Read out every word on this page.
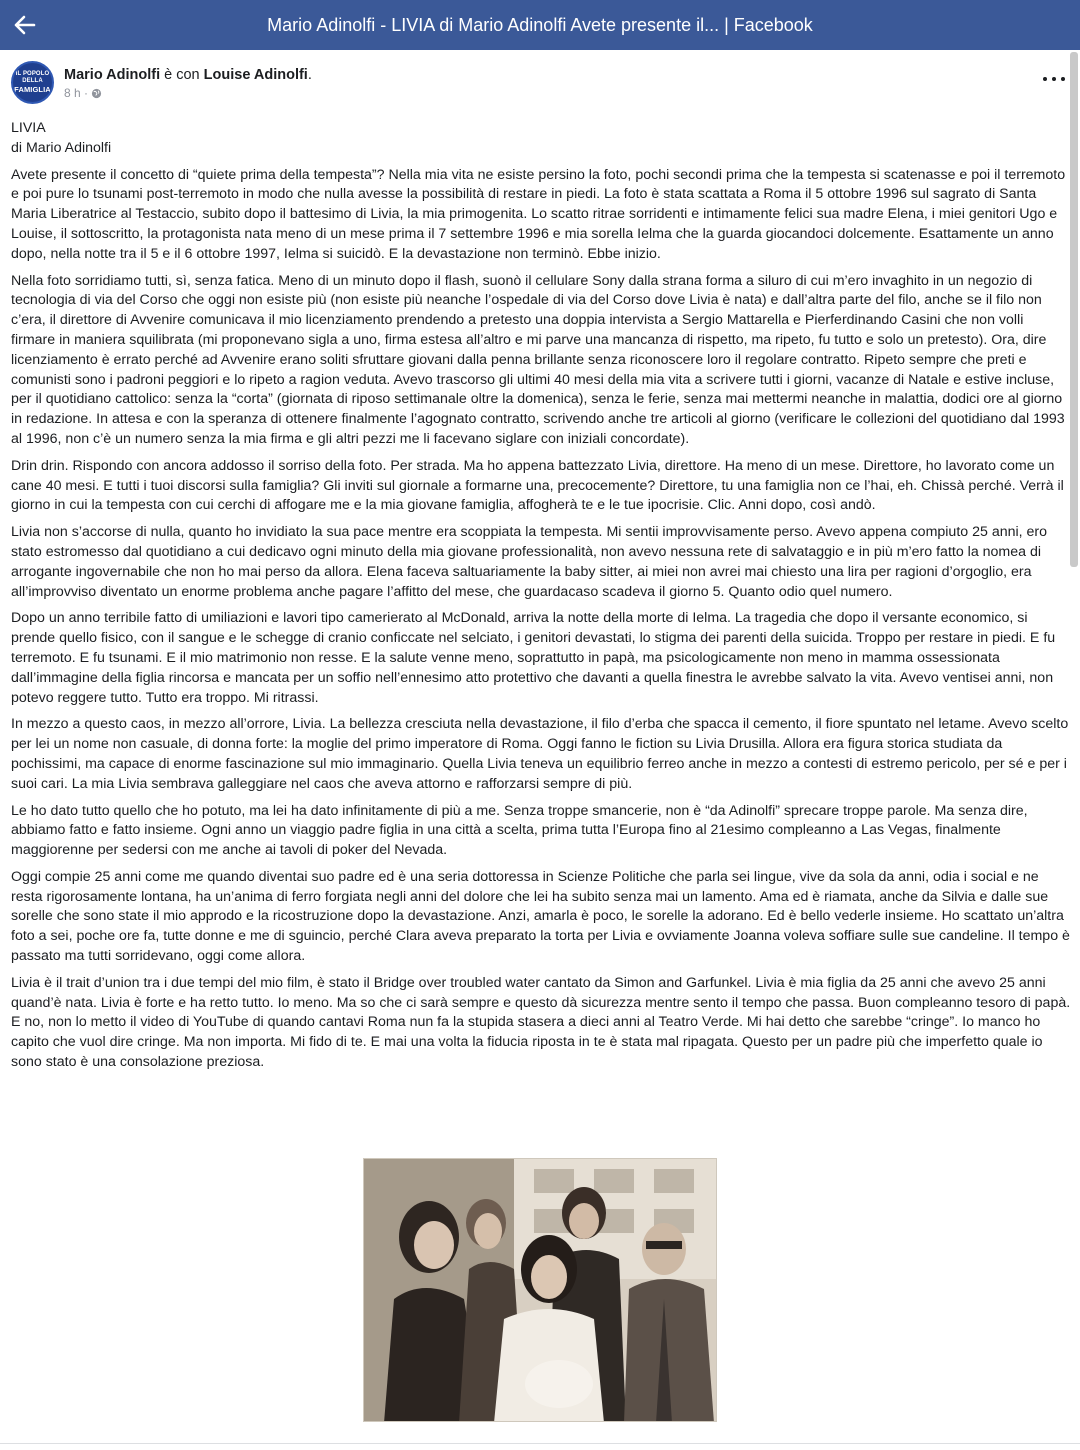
Mario Adinolfi - LIVIA di Mario Adinolfi Avete presente il... | Facebook
IL POPOLO
DELLA
FAMIGLIA
Mario Adinolfi è con Louise Adinolfi.
8 h ·
LIVIA
di Mario Adinolfi

Avete presente il concetto di “quiete prima della tempesta”? Nella mia vita ne esiste persino la foto, pochi secondi prima che la tempesta si scatenasse e poi il terremoto e poi pure lo tsunami post-terremoto in modo che nulla avesse la possibilità di restare in piedi. La foto è stata scattata a Roma il 5 ottobre 1996 sul sagrato di Santa Maria Liberatrice al Testaccio, subito dopo il battesimo di Livia, la mia primogenita. Lo scatto ritrae sorridenti e intimamente felici sua madre Elena, i miei genitori Ugo e Louise, il sottoscritto, la protagonista nata meno di un mese prima il 7 settembre 1996 e mia sorella Ielma che la guarda giocandoci dolcemente. Esattamente un anno dopo, nella notte tra il 5 e il 6 ottobre 1997, Ielma si suicidò. E la devastazione non terminò. Ebbe inizio.

Nella foto sorridiamo tutti, sì, senza fatica. Meno di un minuto dopo il flash, suonò il cellulare Sony dalla strana forma a siluro di cui m’ero invaghito in un negozio di tecnologia di via del Corso che oggi non esiste più (non esiste più neanche l’ospedale di via del Corso dove Livia è nata) e dall’altra parte del filo, anche se il filo non c’era, il direttore di Avvenire comunicava il mio licenziamento prendendo a pretesto una doppia intervista a Sergio Mattarella e Pierferdinando Casini che non volli firmare in maniera squilibrata (mi proponevano sigla a uno, firma estesa all’altro e mi parve una mancanza di rispetto, ma ripeto, fu tutto e solo un pretesto). Ora, dire licenziamento è errato perché ad Avvenire erano soliti sfruttare giovani dalla penna brillante senza riconoscere loro il regolare contratto. Ripeto sempre che preti e comunisti sono i padroni peggiori e lo ripeto a ragion veduta. Avevo trascorso gli ultimi 40 mesi della mia vita a scrivere tutti i giorni, vacanze di Natale e estive incluse, per il quotidiano cattolico: senza la “corta” (giornata di riposo settimanale oltre la domenica), senza le ferie, senza mai mettermi neanche in malattia, dodici ore al giorno in redazione. In attesa e con la speranza di ottenere finalmente l’agognato contratto, scrivendo anche tre articoli al giorno (verificare le collezioni del quotidiano dal 1993 al 1996, non c’è un numero senza la mia firma e gli altri pezzi me li facevano siglare con iniziali concordate).

Drin drin. Rispondo con ancora addosso il sorriso della foto. Per strada. Ma ho appena battezzato Livia, direttore. Ha meno di un mese. Direttore, ho lavorato come un cane 40 mesi. E tutti i tuoi discorsi sulla famiglia? Gli inviti sul giornale a formarne una, precocemente? Direttore, tu una famiglia non ce l’hai, eh. Chissà perché. Verrà il giorno in cui la tempesta con cui cerchi di affogare me e la mia giovane famiglia, affogherà te e le tue ipocrisie. Clic. Anni dopo, così andò.

Livia non s’accorse di nulla, quanto ho invidiato la sua pace mentre era scoppiata la tempesta. Mi sentii improvvisamente perso. Avevo appena compiuto 25 anni, ero stato estromesso dal quotidiano a cui dedicavo ogni minuto della mia giovane professionalità, non avevo nessuna rete di salvataggio e in più m’ero fatto la nomea di arrogante ingovernabile che non ho mai perso da allora. Elena faceva saltuariamente la baby sitter, ai miei non avrei mai chiesto una lira per ragioni d’orgoglio, era all’improvviso diventato un enorme problema anche pagare l’affitto del mese, che guardacaso scadeva il giorno 5. Quanto odio quel numero.

Dopo un anno terribile fatto di umiliazioni e lavori tipo camerierato al McDonald, arriva la notte della morte di Ielma. La tragedia che dopo il versante economico, si prende quello fisico, con il sangue e le schegge di cranio conficcate nel selciato, i genitori devastati, lo stigma dei parenti della suicida. Troppo per restare in piedi. E fu terremoto. E fu tsunami. E il mio matrimonio non resse. E la salute venne meno, soprattutto in papà, ma psicologicamente non meno in mamma ossessionata dall’immagine della figlia rincorsa e mancata per un soffio nell’ennesimo atto protettivo che davanti a quella finestra le avrebbe salvato la vita. Avevo ventisei anni, non potevo reggere tutto. Tutto era troppo. Mi ritrassi.

In mezzo a questo caos, in mezzo all’orrore, Livia. La bellezza cresciuta nella devastazione, il filo d’erba che spacca il cemento, il fiore spuntato nel letame. Avevo scelto per lei un nome non casuale, di donna forte: la moglie del primo imperatore di Roma. Oggi fanno le fiction su Livia Drusilla. Allora era figura storica studiata da pochissimi, ma capace di enorme fascinazione sul mio immaginario. Quella Livia teneva un equilibrio ferreo anche in mezzo a contesti di estremo pericolo, per sé e per i suoi cari. La mia Livia sembrava galleggiare nel caos che aveva attorno e rafforzarsi sempre di più.

Le ho dato tutto quello che ho potuto, ma lei ha dato infinitamente di più a me. Senza troppe smancerie, non è “da Adinolfi” sprecare troppe parole. Ma senza dire, abbiamo fatto e fatto insieme. Ogni anno un viaggio padre figlia in una città a scelta, prima tutta l’Europa fino al 21esimo compleanno a Las Vegas, finalmente maggiorenne per sedersi con me anche ai tavoli di poker del Nevada.

Oggi compie 25 anni come me quando diventai suo padre ed è una seria dottoressa in Scienze Politiche che parla sei lingue, vive da sola da anni, odia i social e ne resta rigorosamente lontana, ha un’anima di ferro forgiata negli anni del dolore che lei ha subito senza mai un lamento. Ama ed è riamata, anche da Silvia e dalle sue sorelle che sono state il mio approdo e la ricostruzione dopo la devastazione. Anzi, amarla è poco, le sorelle la adorano. Ed è bello vederle insieme. Ho scattato un’altra foto a sei, poche ore fa, tutte donne e me di sguincio, perché Clara aveva preparato la torta per Livia e ovviamente Joanna voleva soffiare sulle sue candeline. Il tempo è passato ma tutti sorridevano, oggi come allora.

Livia è il trait d’union tra i due tempi del mio film, è stato il Bridge over troubled water cantato da Simon and Garfunkel. Livia è mia figlia da 25 anni che avevo 25 anni quand’è nata. Livia è forte e ha retto tutto. Io meno. Ma so che ci sarà sempre e questo dà sicurezza mentre sento il tempo che passa. Buon compleanno tesoro di papà. E no, non lo metto il video di YouTube di quando cantavi Roma nun fa la stupida stasera a dieci anni al Teatro Verde. Mi hai detto che sarebbe “cringe”. Io manco ho capito che vuol dire cringe. Ma non importa. Mi fido di te. E mai una volta la fiducia riposta in te è stata mal ripagata. Questo per un padre più che imperfetto quale io sono stato è una consolazione preziosa.
